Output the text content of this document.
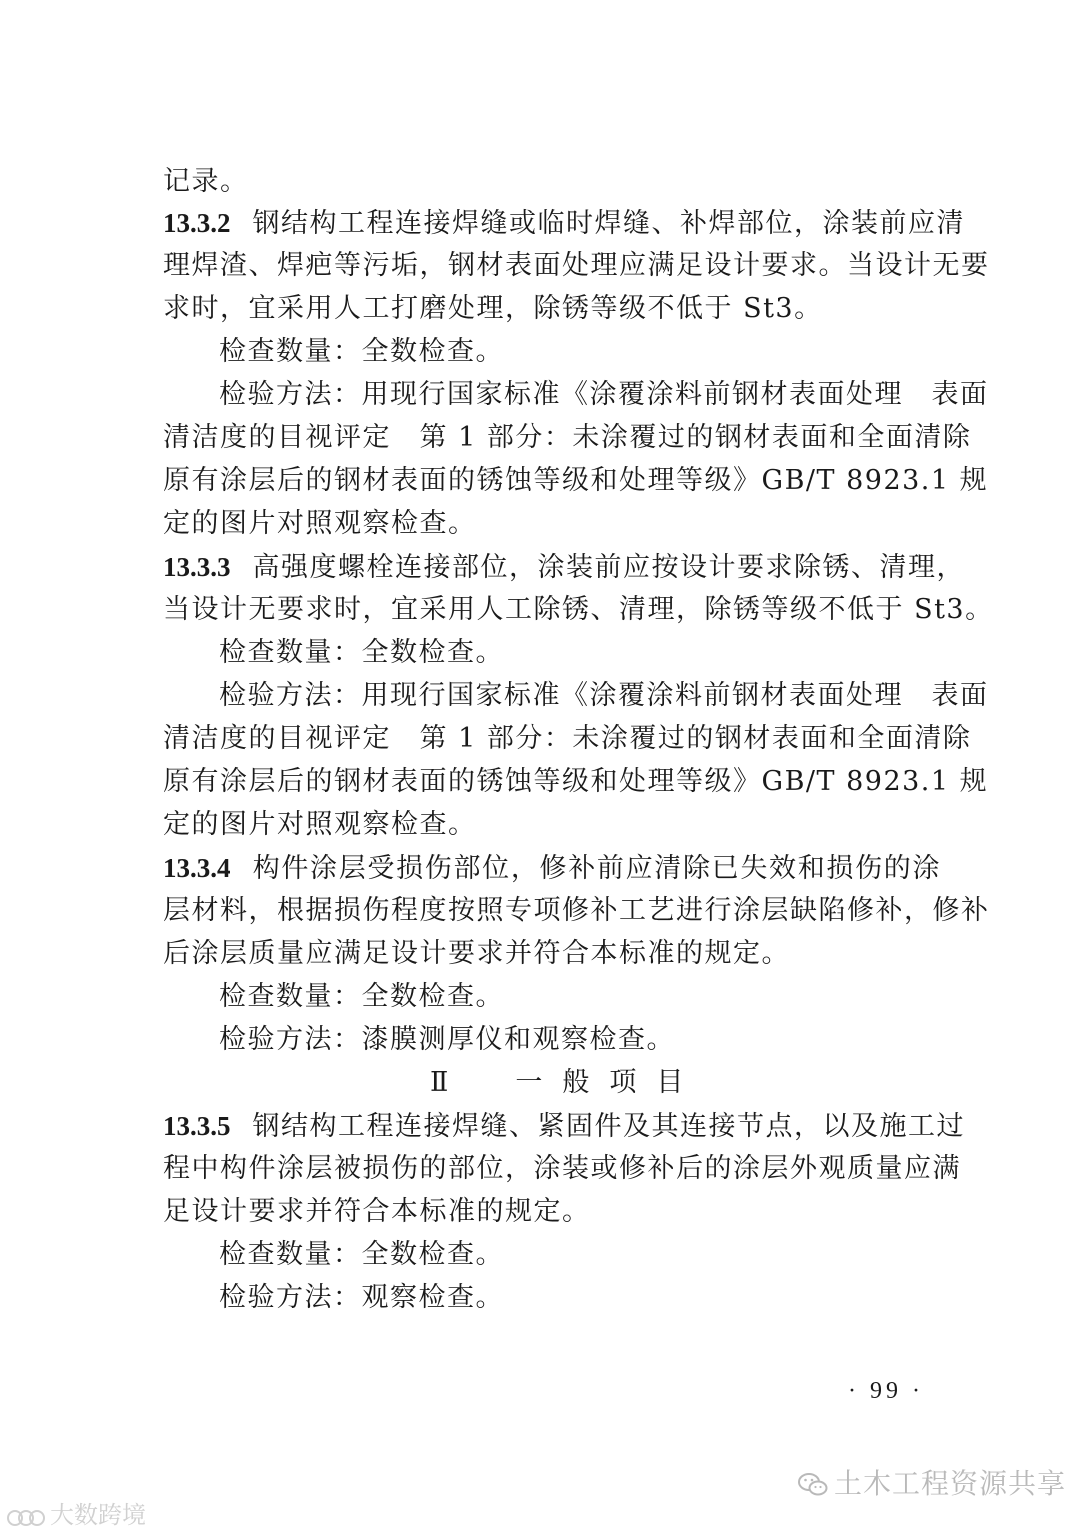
记录。
13.3.2 钢结构工程连接焊缝或临时焊缝、补焊部位，涂装前应清
理焊渣、焊疤等污垢，钢材表面处理应满足设计要求。当设计无要
求时，宜采用人工打磨处理，除锈等级不低于 St3。
检查数量：全数检查。
检验方法：用现行国家标准《涂覆涂料前钢材表面处理　表面
清洁度的目视评定　第 1 部分：未涂覆过的钢材表面和全面清除
原有涂层后的钢材表面的锈蚀等级和处理等级》GB/T 8923.1 规
定的图片对照观察检查。
13.3.3 高强度螺栓连接部位，涂装前应按设计要求除锈、清理，
当设计无要求时，宜采用人工除锈、清理，除锈等级不低于 St3。
检查数量：全数检查。
检验方法：用现行国家标准《涂覆涂料前钢材表面处理　表面
清洁度的目视评定　第 1 部分：未涂覆过的钢材表面和全面清除
原有涂层后的钢材表面的锈蚀等级和处理等级》GB/T 8923.1 规
定的图片对照观察检查。
13.3.4 构件涂层受损伤部位，修补前应清除已失效和损伤的涂
层材料，根据损伤程度按照专项修补工艺进行涂层缺陷修补，修补
后涂层质量应满足设计要求并符合本标准的规定。
检查数量：全数检查。
检验方法：漆膜测厚仪和观察检查。
Ⅱ　一般项目
13.3.5 钢结构工程连接焊缝、紧固件及其连接节点，以及施工过
程中构件涂层被损伤的部位，涂装或修补后的涂层外观质量应满
足设计要求并符合本标准的规定。
检查数量：全数检查。
检验方法：观察检查。
· 99 ·
土木工程资源共享
大数跨境
